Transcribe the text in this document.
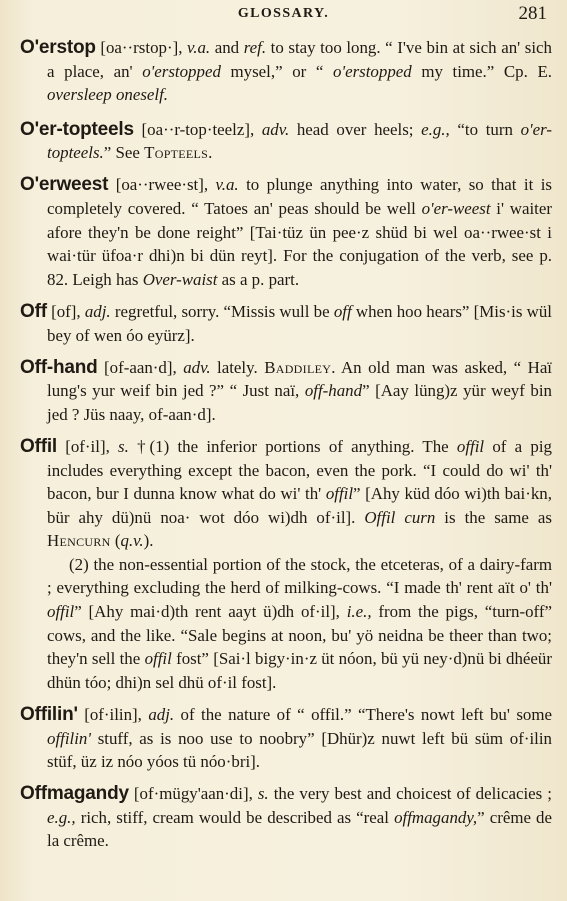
GLOSSARY.	281

O'erstop [oa··rstop·], v.a. and ref. to stay too long. “ I've bin at sich an' sich a place, an' o'erstopped mysel,” or “ o'erstopped my time.” Cp. E. oversleep oneself.

O'er-topteels [oa··r-top·teelz], adv. head over heels; e.g., “to turn o'er-topteels.” See Topteels.

O'erweest [oa··rwee·st], v.a. to plunge anything into water, so that it is completely covered. “ Tatoes an' peas should be well o'er-weest i' waiter afore they'n be done reight” [Tai·tüz ün pee·z shüd bi wel oa··rwee·st i wai·tür üfoa·r dhi)n bi dün reyt]. For the conjugation of the verb, see p. 82. Leigh has Over-waist as a p. part.

Off [of], adj. regretful, sorry. “Missis wull be off when hoo hears” [Mis·is wül bey of wen óo eyürz].

Off-hand [of-aan·d], adv. lately. Baddiley. An old man was asked, “ Haï lung's yur weif bin jed ?” “ Just naï, off-hand” [Aay lüng)z yür weyf bin jed ? Jüs naay, of-aan·d].

Offil [of·il], s. †(1) the inferior portions of anything. The offil of a pig includes everything except the bacon, even the pork. “I could do wi' th' bacon, bur I dunna know what do wi' th' offil” [Ahy küd dóo wi)th bai·kn, bür ahy dü)nü noa· wot dóo wi)dh of·il]. Offil curn is the same as Hencurn (q.v.).
(2) the non-essential portion of the stock, the etceteras, of a dairy-farm ; everything excluding the herd of milking-cows. “I made th' rent aït o' th' offil” [Ahy mai·d)th rent aayt ü)dh of·il], i.e., from the pigs, “turn-off” cows, and the like. “Sale begins at noon, bu' yö neidna be theer than two; they'n sell the offil fost” [Sai·l bigy·in·z üt nóon, bü yü ney·d)nü bi dhéeür dhün tóo; dhi)n sel dhü of·il fost].

Offilin' [of·ilin], adj. of the nature of “ offil.” “There's nowt left bu' some offilin' stuff, as is noo use to noobry” [Dhür)z nuwt left bü süm of·ilin stüf, üz iz nóo yóos tü nóo·bri].

Offmagandy [of·mügy'aan·di], s. the very best and choicest of delicacies ; e.g., rich, stiff, cream would be described as “real offmagandy,” crême de la crême.
